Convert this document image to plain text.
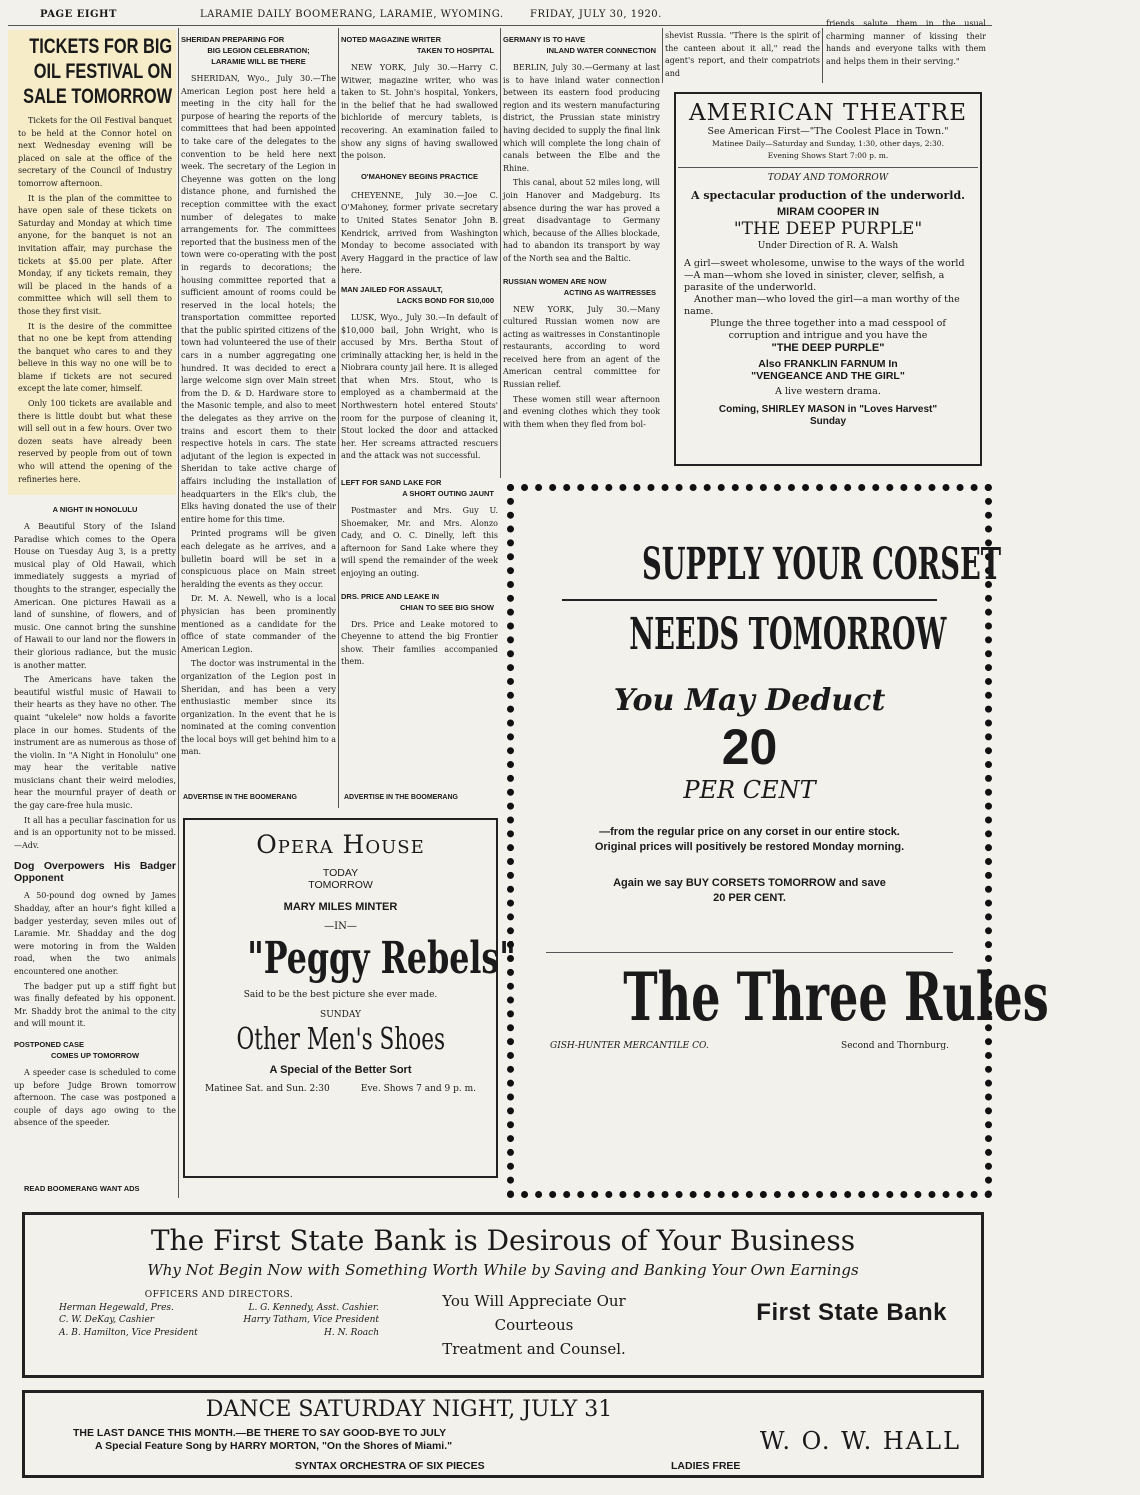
PAGE EIGHT	LARAMIE DAILY BOOMERANG, LARAMIE, WYOMING.	FRIDAY, JULY 30, 1920.
TICKETS FOR BIG OIL FESTIVAL ON SALE TOMORROW

Tickets for the Oil Festival banquet to be held at the Connor hotel on next Wednesday evening will be placed on sale at the office of the secretary of the Council of Industry tomorrow afternoon.

It is the plan of the committee to have open sale of these tickets on Saturday and Monday at which time anyone, for the banquet is not an invitation affair, may purchase the tickets at $5.00 per plate. After Monday, if any tickets remain, they will be placed in the hands of a committee which will sell them to those they first visit.

It is the desire of the committee that no one be kept from attending the banquet who cares to and they believe in this way no one will be to blame if tickets are not secured except the late comer, himself.

Only 100 tickets are available and there is little doubt but what these will sell out in a few hours. Over two dozen seats have already been reserved by people from out of town who will attend the opening of the refineries here.

A NIGHT IN HONOLULU

A Beautiful Story of the Island Paradise which comes to the Opera House on Tuesday Aug 3, is a pretty musical play of Old Hawaii, which immediately suggests a myriad of thoughts to the stranger, especially the American. One pictures Hawaii as a land of sunshine, of flowers, and of music. One cannot bring the sunshine of Hawaii to our land nor the flowers in their glorious radiance, but the music is another matter.

The Americans have taken the beautiful wistful music of Hawaii to their hearts as they have no other. The quaint "ukelele" now holds a favorite place in our homes. Students of the instrument are as numerous as those of the violin. In "A Night in Honolulu" one may hear the veritable native musicians chant their weird melodies, hear the mournful prayer of death or the gay care-free hula music.

It all has a peculiar fascination for us and is an opportunity not to be missed.—Adv.

Dog Overpowers His Badger Opponent

A 50-pound dog owned by James Shadday, after an hour's fight killed a badger yesterday, seven miles out of Laramie. Mr. Shadday and the dog were motoring in from the Walden road, when the two animals encountered one another.

The badger put up a stiff fight but was finally defeated by his opponent. Mr. Shaddy brot the animal to the city and will mount it.

POSTPONED CASE
COMES UP TOMORROW

A speeder case is scheduled to come up before Judge Brown tomorrow afternoon. The case was postponed a couple of days ago owing to the absence of the speeder.

READ BOOMERANG WANT ADS
SHERIDAN PREPARING FOR
BIG LEGION CELEBRATION;
LARAMIE WILL BE THERE

SHERIDAN, Wyo., July 30.—The American Legion post here held a meeting in the city hall for the purpose of hearing the reports of the committees that had been appointed to take care of the delegates to the convention to be held here next week. The secretary of the Legion in Cheyenne was gotten on the long distance phone, and furnished the reception committee with the exact number of delegates to make arrangements for. The committees reported that the business men of the town were co-operating with the post in regards to decorations; the housing committee reported that a sufficient amount of rooms could be reserved in the local hotels; the transportation committee reported that the public spirited citizens of the town had volunteered the use of their cars in a number aggregating one hundred. It was decided to erect a large welcome sign over Main street from the D. & D. Hardware store to the Masonic temple, and also to meet the delegates as they arrive on the trains and escort them to their respective hotels in cars. The state adjutant of the legion is expected in Sheridan to take active charge of affairs including the installation of headquarters in the Elk's club, the Elks having donated the use of their entire home for this time.

Printed programs will be given each delegate as he arrives, and a bulletin board will be set in a conspicuous place on Main street heralding the events as they occur.

Dr. M. A. Newell, who is a local physician has been prominently mentioned as a candidate for the office of state commander of the American Legion.

The doctor was instrumental in the organization of the Legion post in Sheridan, and has been a very enthusiastic member since its organization. In the event that he is nominated at the coming convention the local boys will get behind him to a man.

ADVERTISE IN THE BOOMERANG
NOTED MAGAZINE WRITER
TAKEN TO HOSPITAL

NEW YORK, July 30.—Harry C. Witwer, magazine writer, who was taken to St. John's hospital, Yonkers, in the belief that he had swallowed bichloride of mercury tablets, is recovering. An examination failed to show any signs of having swallowed the poison.

O'MAHONEY BEGINS PRACTICE

CHEYENNE, July 30.—Joe C. O'Mahoney, former private secretary to United States Senator John B. Kendrick, arrived from Washington Monday to become associated with Avery Haggard in the practice of law here.

MAN JAILED FOR ASSAULT,
LACKS BOND FOR $10,000

LUSK, Wyo., July 30.—In default of $10,000 bail, John Wright, who is accused by Mrs. Bertha Stout of criminally attacking her, is held in the Niobrara county jail here. It is alleged that when Mrs. Stout, who is employed as a chambermaid at the Northwestern hotel entered Stouts' room for the purpose of cleaning it, Stout locked the door and attacked her. Her screams attracted rescuers and the attack was not successful.

LEFT FOR SAND LAKE FOR
A SHORT OUTING JAUNT

Postmaster and Mrs. Guy U. Shoemaker, Mr. and Mrs. Alonzo Cady, and O. C. Dinelly, left this afternoon for Sand Lake where they will spend the remainder of the week enjoying an outing.

DRS. PRICE AND LEAKE IN
CHIAN TO SEE BIG SHOW

Drs. Price and Leake motored to Cheyenne to attend the big Frontier show. Their families accompanied them.

ADVERTISE IN THE BOOMERANG
GERMANY IS TO HAVE
INLAND WATER CONNECTION

BERLIN, July 30.—Germany at last is to have inland water connection between its eastern food producing region and its western manufacturing district, the Prussian state ministry having decided to supply the final link which will complete the long chain of canals between the Elbe and the Rhine.

This canal, about 52 miles long, will join Hanover and Madgeburg. Its absence during the war has proved a great disadvantage to Germany which, because of the Allies blockade, had to abandon its transport by way of the North sea and the Baltic.

RUSSIAN WOMEN ARE NOW
ACTING AS WAITRESSES

NEW YORK, July 30.—Many cultured Russian women now are acting as waitresses in Constantinople restaurants, according to word received here from an agent of the American central committee for Russian relief.

These women still wear afternoon and evening clothes which they took with them when they fled from bol-

shevist Russia. "There is the spirit of the canteen about it all," read the agent's report, and their compatriots and

friends salute them in the usual charming manner of kissing their hands and everyone talks with them and helps them in their serving."

AMERICAN THEATRE
See American First—"The Coolest Place in Town."
Matinee Daily—Saturday and Sunday, 1:30, other days, 2:30.
Evening Shows Start 7:00 p. m.
TODAY AND TOMORROW
A spectacular production of the underworld.
MIRAM COOPER IN
"THE DEEP PURPLE"
Under Direction of R. A. Walsh
A girl—sweet wholesome, unwise to the ways of the world—A man—whom she loved in sinister, clever, selfish, a parasite of the underworld.
Another man—who loved the girl—a man worthy of the name.
Plunge the three together into a mad cesspool of corruption and intrigue and you have the
"THE DEEP PURPLE"
Also FRANKLIN FARNUM In
"VENGEANCE AND THE GIRL"
A live western drama.
Coming, SHIRLEY MASON in "Loves Harvest"
Sunday
Opera House
TODAY
TOMORROW
MARY MILES MINTER
—IN—
"Peggy Rebels"
Said to be the best picture she ever made.
SUNDAY
Other Men's Shoes
A Special of the Better Sort
Matinee Sat. and Sun. 2:30	Eve. Shows 7 and 9 p. m.
SUPPLY YOUR CORSET
NEEDS TOMORROW
You May Deduct
20
PER CENT
—from the regular price on any corset in our entire stock.
Original prices will positively be restored Monday morning.
Again we say BUY CORSETS TOMORROW and save
20 PER CENT.
The Three Rules
GISH-HUNTER MERCANTILE CO.	Second and Thornburg.
The First State Bank is Desirous of Your Business
Why Not Begin Now with Something Worth While by Saving and Banking Your Own Earnings
OFFICERS AND DIRECTORS.
Herman Hegewald, Pres.	L. G. Kennedy, Asst. Cashier.
C. W. DeKay, Cashier	Harry Tatham, Vice President
A. B. Hamilton, Vice President	H. N. Roach
You Will Appreciate Our Courteous
Treatment and Counsel.
First State Bank
DANCE SATURDAY NIGHT, JULY 31
THE LAST DANCE THIS MONTH.—BE THERE TO SAY GOOD-BYE TO JULY
A Special Feature Song by HARRY MORTON, "On the Shores of Miami."
SYNTAX ORCHESTRA OF SIX PIECES	LADIES FREE
W. O. W. HALL
